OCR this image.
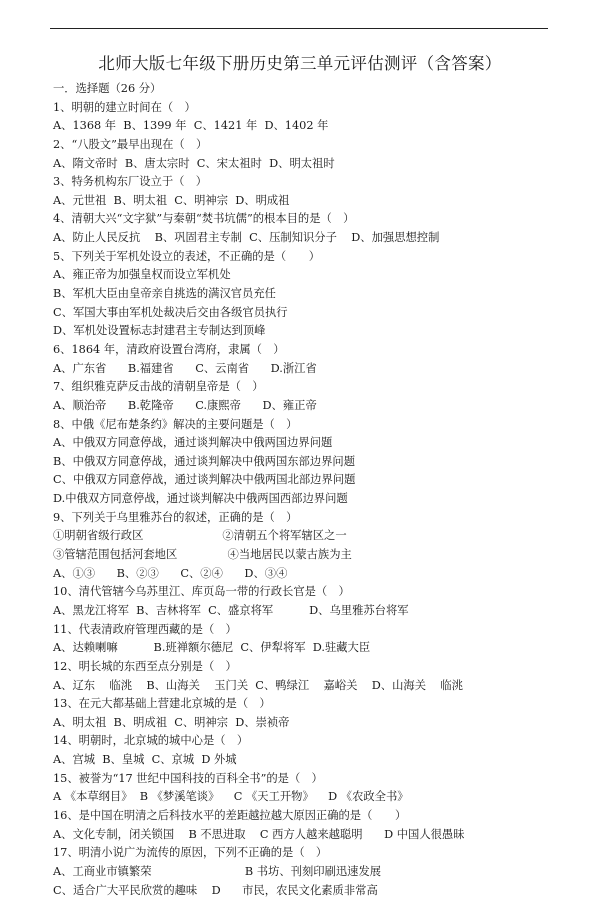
北师大版七年级下册历史第三单元评估测评（含答案）
一．选择题（26 分）
1、明朝的建立时间在（　）
A、1368 年  B、1399 年  C、1421 年  D、1402 年
2、“八股文”最早出现在（　）
A、隋文帝时  B、唐太宗时  C、宋太祖时  D、明太祖时
3、特务机构东厂设立于（　）
A、元世祖  B、明太祖  C、明神宗  D、明成祖
4、清朝大兴“文字狱”与秦朝“焚书坑儒”的根本目的是（　）
A、防止人民反抗    B、巩固君主专制  C、压制知识分子    D、加强思想控制
5、下列关于军机处设立的表述，不正确的是（　　）
A、雍正帝为加强皇权而设立军机处
B、军机大臣由皇帝亲自挑选的满汉官员充任
C、军国大事由军机处裁决后交由各级官员执行
D、军机处设置标志封建君主专制达到顶峰
6、1864 年，清政府设置台湾府，隶属（　）
A、广东省      B.福建省      C、云南省      D.浙江省
7、组织雅克萨反击战的清朝皇帝是（　）
A、顺治帝      B.乾隆帝      C.康熙帝      D、雍正帝
8、中俄《尼布楚条约》解决的主要问题是（　）
A、中俄双方同意停战，通过谈判解决中俄两国边界问题
B、中俄双方同意停战，通过谈判解决中俄两国东部边界问题
C、中俄双方同意停战，通过谈判解决中俄两国北部边界问题
D.中俄双方同意停战，通过谈判解决中俄两国西部边界问题
9、下列关于乌里雅苏台的叙述，正确的是（　）
①明朝省级行政区                      ②清朝五个将军辖区之一
③管辖范围包括河套地区              ④当地居民以蒙古族为主
A、①③      B、②③      C、②④      D、③④
10、清代管辖今乌苏里江、库页岛一带的行政长官是（　）
A、黑龙江将军  B、吉林将军  C、盛京将军          D、乌里雅苏台将军
11、代表清政府管理西藏的是（　）
A、达赖喇嘛          B.班禅额尔德尼  C、伊犁将军  D.驻藏大臣
12、明长城的东西至点分别是（　）
A、辽东    临洮    B、山海关    玉门关  C、鸭绿江    嘉峪关    D、山海关    临洮
13、在元大都基础上营建北京城的是（　）
A、明太祖  B、明成祖  C、明神宗  D、崇祯帝
14、明朝时，北京城的城中心是（　）
A、宫城  B、皇城  C、京城  D 外城
15、被誉为“17 世纪中国科技的百科全书”的是（　）
A 《本草纲目》  B 《梦溪笔谈》    C 《天工开物》    D 《农政全书》
16、是中国在明清之后科技水平的差距越拉越大原因正确的是（　　）
A、文化专制，闭关锁国    B 不思进取    C 西方人越来越聪明      D 中国人很愚昧
17、明清小说广为流传的原因，下列不正确的是（　）
A、工商业市镇繁荣                          B 书坊、刊刻印刷迅速发展
C、适合广大平民欣赏的趣味    D      市民，农民文化素质非常高
